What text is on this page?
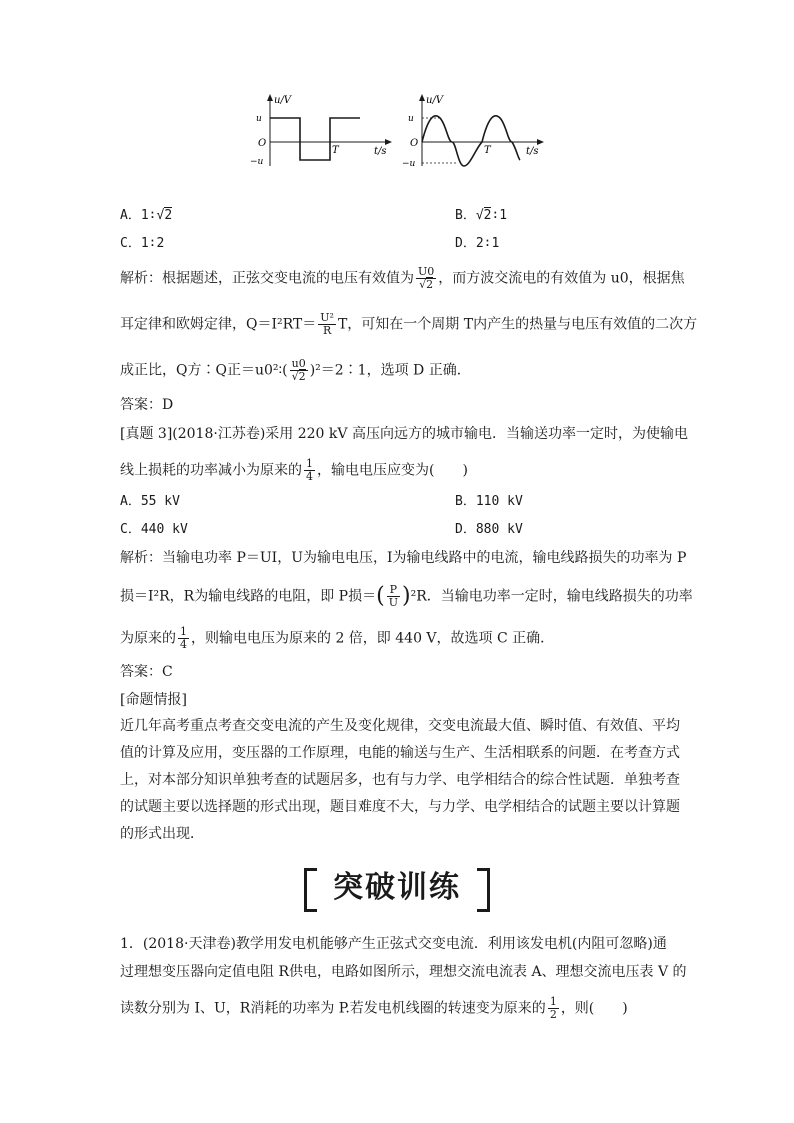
u/V
t/s
O
u
−u
T
u/V
t/s
O
u
−u
T
A．1∶√2	B．√2∶1
C．1∶2	D．2∶1
解析：根据题述，正弦交变电流的电压有效值为 $\frac{U0}{√2}$ ，而方波交流电的有效值为 u0，根据焦
耳定律和欧姆定律，$Q=I^2RT= \frac{\text{U²}}{R}$ T，可知在一个周期 T内产生的热量与电压有效值的二次方
成正比，Q方∶Q正＝u0²∶( $\frac{u0}{√2}$ )²＝2∶1，选项 D 正确．
答案：D
[真题 3](2018·江苏卷)采用 220 kV 高压向远方的城市输电．当输送功率一定时，为使输电
线上损耗的功率减小为原来的 $\frac{1}{4}$ ，输电电压应变为(　　)
A．55 kV	B．110 kV
C．440 kV	D．880 kV
解析：当输电功率 P＝UI，U为输电电压，I为输电线路中的电流，输电线路损失的功率为 P
损＝I²R，R为输电线路的电阻，即 P损＝( $\frac{P}{U} )^2R$．当输电功率一定时，输电线路损失的功率
为原来的 $\frac{1}{4}$ ，则输电电压为原来的 2 倍，即 440 V，故选项 C 正确．
答案：C
[命题情报]
近几年高考重点考查交变电流的产生及变化规律，交变电流最大值、瞬时值、有效值、平均值的计算及应用，变压器的工作原理，电能的输送与生产、生活相联系的问题．在考查方式上，对本部分知识单独考查的试题居多，也有与力学、电学相结合的综合性试题．单独考查的试题主要以选择题的形式出现，题目难度不大，与力学、电学相结合的试题主要以计算题的形式出现．
突破训练
1．(2018·天津卷)教学用发电机能够产生正弦式交变电流．利用该发电机(内阻可忽略)通
过理想变压器向定值电阻 R供电，电路如图所示，理想交流电流表 A、理想交流电压表 V 的
读数分别为 I、U，R消耗的功率为 P.若发电机线圈的转速变为原来的 $\frac{1}{2}$ ，则(　　)
